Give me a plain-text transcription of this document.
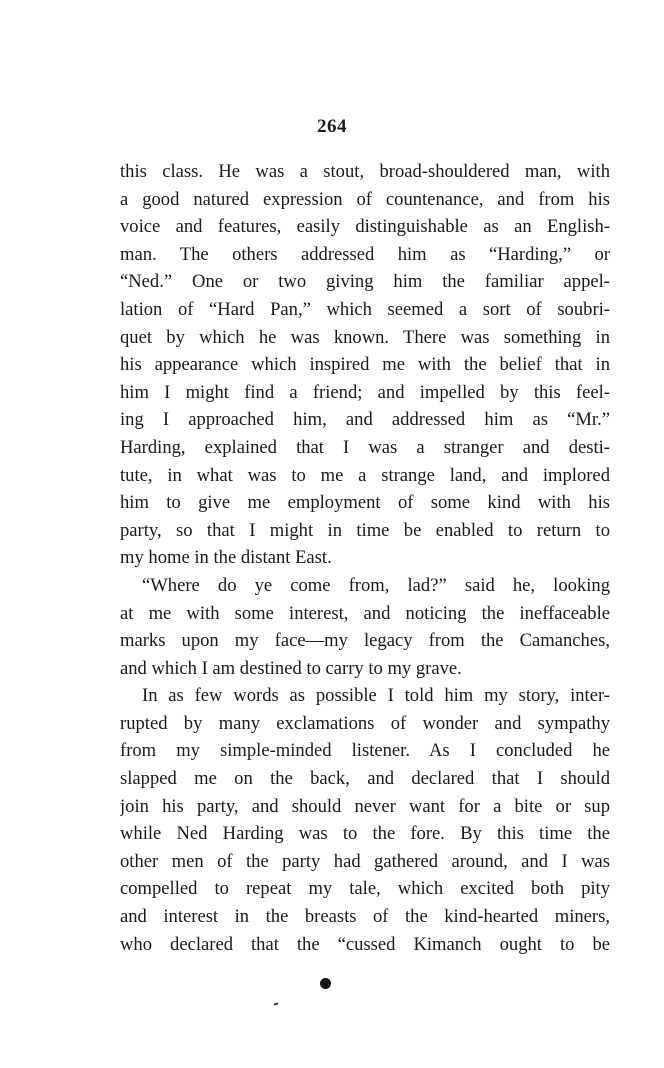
264
this class. He was a stout, broad-shouldered man, with
a good natured expression of countenance, and from his
voice and features, easily distinguishable as an English-
man. The others addressed him as “Harding,” or
“Ned.” One or two giving him the familiar appel-
lation of “Hard Pan,” which seemed a sort of soubri-
quet by which he was known. There was something in
his appearance which inspired me with the belief that in
him I might find a friend; and impelled by this feel-
ing I approached him, and addressed him as “Mr.”
Harding, explained that I was a stranger and desti-
tute, in what was to me a strange land, and implored
him to give me employment of some kind with his
party, so that I might in time be enabled to return to
my home in the distant East.
“Where do ye come from, lad?” said he, looking
at me with some interest, and noticing the ineffaceable
marks upon my face—my legacy from the Camanches,
and which I am destined to carry to my grave.
In as few words as possible I told him my story, inter-
rupted by many exclamations of wonder and sympathy
from my simple-minded listener. As I concluded he
slapped me on the back, and declared that I should
join his party, and should never want for a bite or sup
while Ned Harding was to the fore. By this time the
other men of the party had gathered around, and I was
compelled to repeat my tale, which excited both pity
and interest in the breasts of the kind-hearted miners,
who declared that the “cussed Kimanch ought to be
